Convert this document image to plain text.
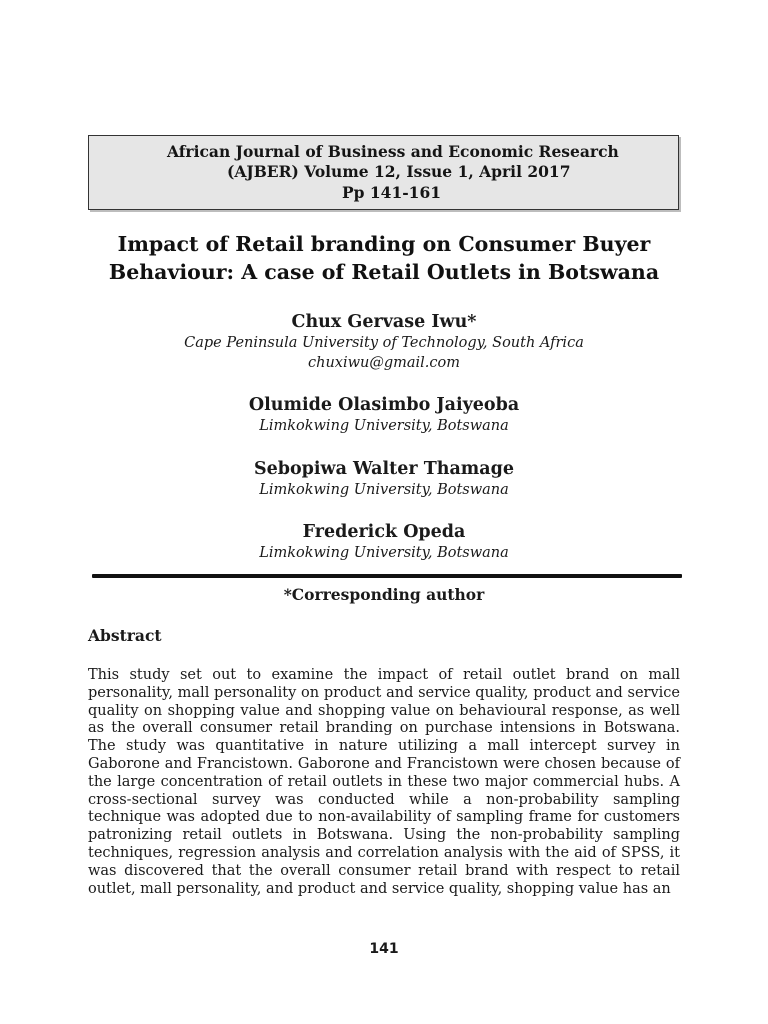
African Journal of Business and Economic Research
(AJBER) Volume 12, Issue 1, April 2017
Pp 141-161
Impact of Retail branding on Consumer Buyer
Behaviour: A case of Retail Outlets in Botswana
Chux Gervase Iwu*
Cape Peninsula University of Technology, South Africa
chuxiwu@gmail.com
Olumide Olasimbo Jaiyeoba
Limkokwing University, Botswana
Sebopiwa Walter Thamage
Limkokwing University, Botswana
Frederick Opeda
Limkokwing University, Botswana
*Corresponding author
Abstract

This study set out to examine the impact of retail outlet brand on mall personality, mall personality on product and service quality, product and service quality on shopping value and shopping value on behavioural response, as well as the overall consumer retail branding on purchase intensions in Botswana. The study was quantitative in nature utilizing a mall intercept survey in Gaborone and Francistown. Gaborone and Francistown were chosen because of the large concentration of retail outlets in these two major commercial hubs. A cross-sectional survey was conducted while a non-probability sampling technique was adopted due to non-availability of sampling frame for customers patronizing retail outlets in Botswana. Using the non-probability sampling techniques, regression analysis and correlation analysis with the aid of SPSS, it was discovered that the overall consumer retail brand with respect to retail outlet, mall personality, and product and service quality, shopping value has an

141
